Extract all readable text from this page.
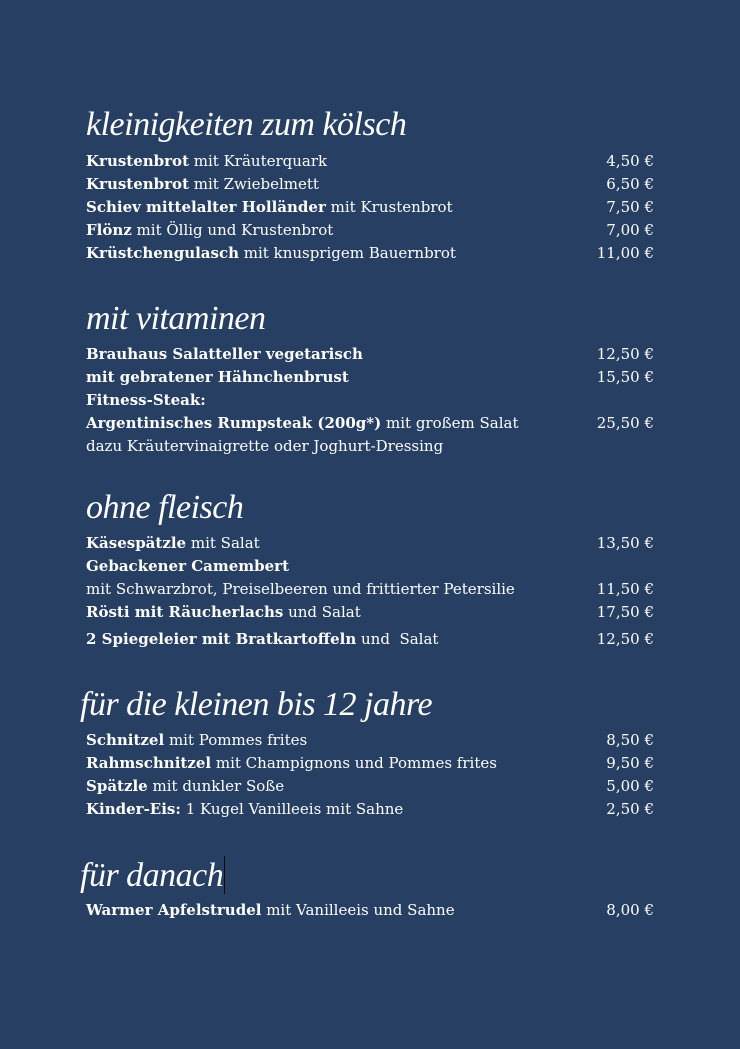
kleinigkeiten zum kölsch
Krustenbrot mit Kräuterquark	4,50 €
Krustenbrot mit Zwiebelmett	6,50 €
Schiev mittelalter Holländer mit Krustenbrot	7,50 €
Flönz mit Öllig und Krustenbrot	7,00 €
Krüstchengulasch mit knusprigem Bauernbrot	11,00 €
mit vitaminen
Brauhaus Salatteller vegetarisch	12,50 €
mit gebratener Hähnchenbrust	15,50 €
Fitness-Steak:
Argentinisches Rumpsteak (200g*) mit großem Salat	25,50 €
dazu Kräutervinaigrette oder Joghurt-Dressing
ohne fleisch
Käsespätzle mit Salat	13,50 €
Gebackener Camembert
mit Schwarzbrot, Preiselbeeren und frittierter Petersilie	11,50 €
Rösti mit Räucherlachs und Salat	17,50 €
2 Spiegeleier mit Bratkartoffeln und  Salat	12,50 €
für die kleinen bis 12 jahre
Schnitzel mit Pommes frites	8,50 €
Rahmschnitzel mit Champignons und Pommes frites	9,50 €
Spätzle mit dunkler Soße	5,00 €
Kinder-Eis: 1 Kugel Vanilleeis mit Sahne	2,50 €
für danach
Warmer Apfelstrudel mit Vanilleeis und Sahne	8,00 €
